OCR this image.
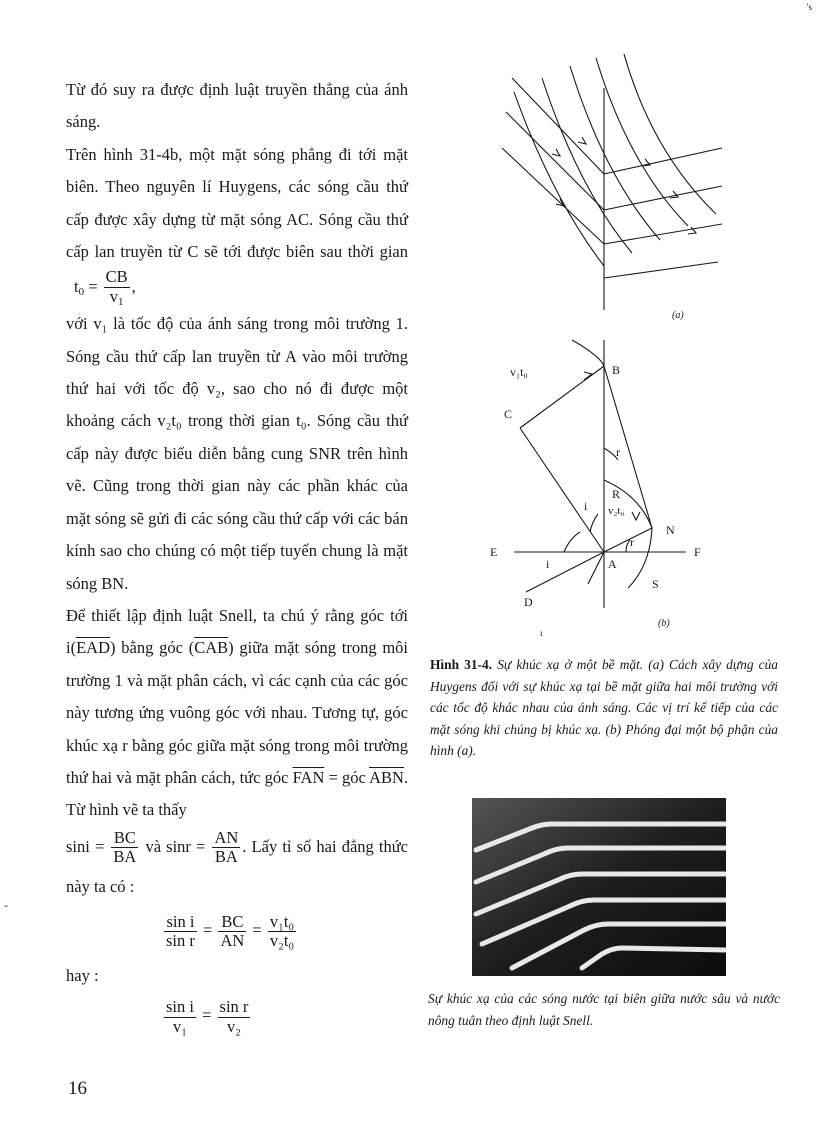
Từ đó suy ra được định luật truyền thẳng của ánh sáng.

Trên hình 31-4b, một mặt sóng phẳng đi tới mặt biên. Theo nguyên lí Huygens, các sóng cầu thứ cấp được xây dựng từ mặt sóng AC. Sóng cầu thứ cấp lan truyền từ C sẽ tới được biên sau thời gian $t_0 = \frac{CB}{v_1}$ ,

với v₁ là tốc độ của ánh sáng trong môi trường 1. Sóng cầu thứ cấp lan truyền từ A vào môi trường thứ hai với tốc độ v₂, sao cho nó đi được một khoảng cách v₂t₀ trong thời gian t₀. Sóng cầu thứ cấp này được biểu diễn bằng cung SNR trên hình vẽ. Cũng trong thời gian này các phần khác của mặt sóng sẽ gửi đi các sóng cầu thứ cấp với các bán kính sao cho chúng có một tiếp tuyến chung là mặt sóng BN.

Để thiết lập định luật Snell, ta chú ý rằng góc tới $i(\overline{EAD})$ bằng góc $(\overline{CAB})$ giữa mặt sóng trong môi trường 1 và mặt phân cách, vì các cạnh của các góc này tương ứng vuông góc với nhau. Tương tự, góc khúc xạ r bằng góc giữa mặt sóng trong môi trường thứ hai và mặt phân cách, tức góc $\overline{FAN}$ = góc $\overline{ABN}$. Từ hình vẽ ta thấy
$\sin i = \frac{BC}{BA}$ và $\sin r = \frac{AN}{BA}$ . Lấy tỉ số hai đẳng thức này ta có :

$\frac{\text{sin i}}{\text{sin r}} = \frac{BC}{AN} = \frac{\text{v₁t₀}}{\text{v₂t₀}}$

hay :

$\frac{\text{sin i}}{\text{v₁}} = \frac{\text{sin r}}{\text{v₂}}$
(a)
B
C
R
N
E	F
A
D
S
r
r
i
i
v₁t₀
v₂t₀
(b)
ı
Hình 31-4. Sự khúc xạ ở một bề mặt. (a) Cách xây dựng của Huygens đối với sự khúc xạ tại bề mặt giữa hai môi trường với các tốc độ khác nhau của ánh sáng. Các vị trí kế tiếp của các mặt sóng khi chúng bị khúc xạ. (b) Phóng đại một bộ phận của hình (a).
Sự khúc xạ của các sóng nước tại biên giữa nước sâu và nước nông tuân theo định luật Snell.
16
's
-
